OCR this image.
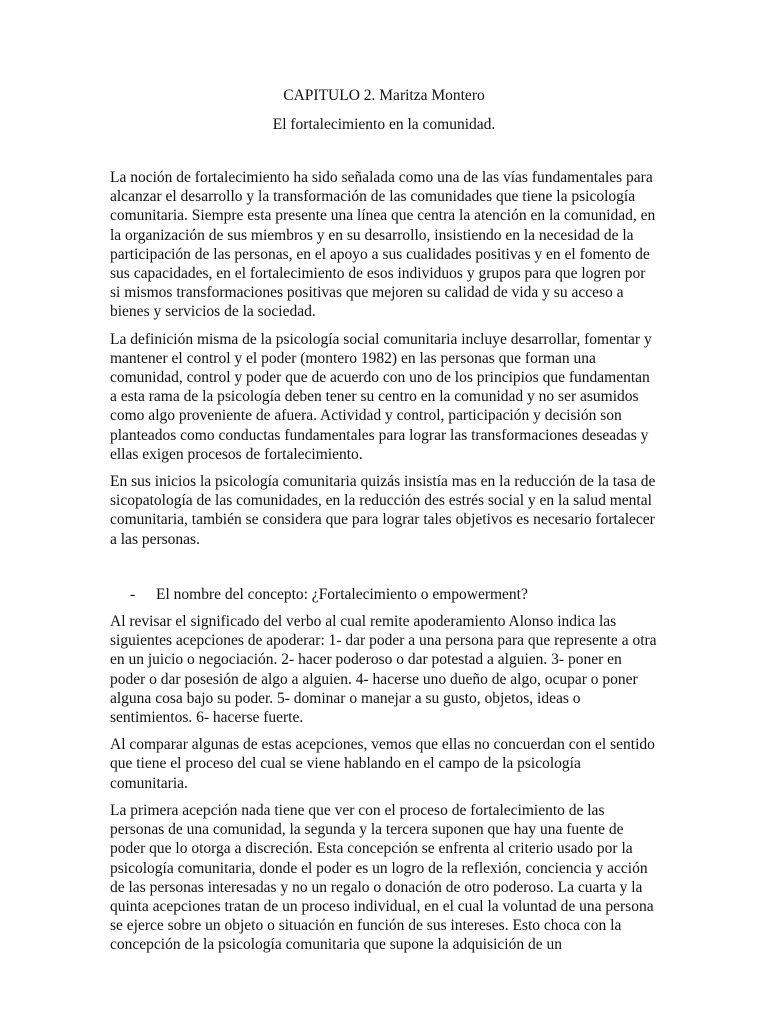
CAPITULO 2. Maritza Montero
El fortalecimiento en la comunidad.

La noción de fortalecimiento ha sido señalada como una de las vías fundamentales para alcanzar el desarrollo y la transformación de las comunidades que tiene la psicología comunitaria. Siempre esta presente una línea que centra la atención en la comunidad, en la organización de sus miembros y en su desarrollo, insistiendo en la necesidad de la participación de las personas, en el apoyo a sus cualidades positivas y en el fomento de sus capacidades, en el fortalecimiento de esos individuos y grupos para que logren por si mismos transformaciones positivas que mejoren su calidad de vida y su acceso a bienes y servicios de la sociedad.

La definición misma de la psicología social comunitaria incluye desarrollar, fomentar y mantener el control y el poder (montero 1982) en las personas que forman una comunidad, control y poder que de acuerdo con uno de los principios que fundamentan a esta rama de la psicología deben tener su centro en la comunidad y no ser asumidos como algo proveniente de afuera. Actividad y control, participación y decisión son planteados como conductas fundamentales para lograr las transformaciones deseadas y ellas exigen procesos de fortalecimiento.

En sus inicios la psicología comunitaria quizás insistía mas en la reducción de la tasa de sicopatología de las comunidades, en la reducción des estrés social y en la salud mental comunitaria, también se considera que para lograr tales objetivos es necesario fortalecer a las personas.

-	El nombre del concepto: ¿Fortalecimiento o empowerment?

Al revisar el significado del verbo al cual remite apoderamiento Alonso indica las siguientes acepciones de apoderar: 1- dar poder a una persona para que represente a otra en un juicio o negociación. 2- hacer poderoso o dar potestad a alguien. 3- poner en poder o dar posesión de algo a alguien. 4- hacerse uno dueño de algo, ocupar o poner alguna cosa bajo su poder. 5- dominar o manejar a su gusto, objetos, ideas o sentimientos. 6- hacerse fuerte.

Al comparar algunas de estas acepciones, vemos que ellas no concuerdan con el sentido que tiene el proceso del cual se viene hablando en el campo de la psicología comunitaria.

La primera acepción nada tiene que ver con el proceso de fortalecimiento de las personas de una comunidad, la segunda y la tercera suponen que hay una fuente de poder que lo otorga a discreción. Esta concepción se enfrenta al criterio usado por la psicología comunitaria, donde el poder es un logro de la reflexión, conciencia y acción de las personas interesadas y no un regalo o donación de otro poderoso. La cuarta y la quinta acepciones tratan de un proceso individual, en el cual la voluntad de una persona se ejerce sobre un objeto o situación en función de sus intereses. Esto choca con la concepción de la psicología comunitaria que supone la adquisición de un
